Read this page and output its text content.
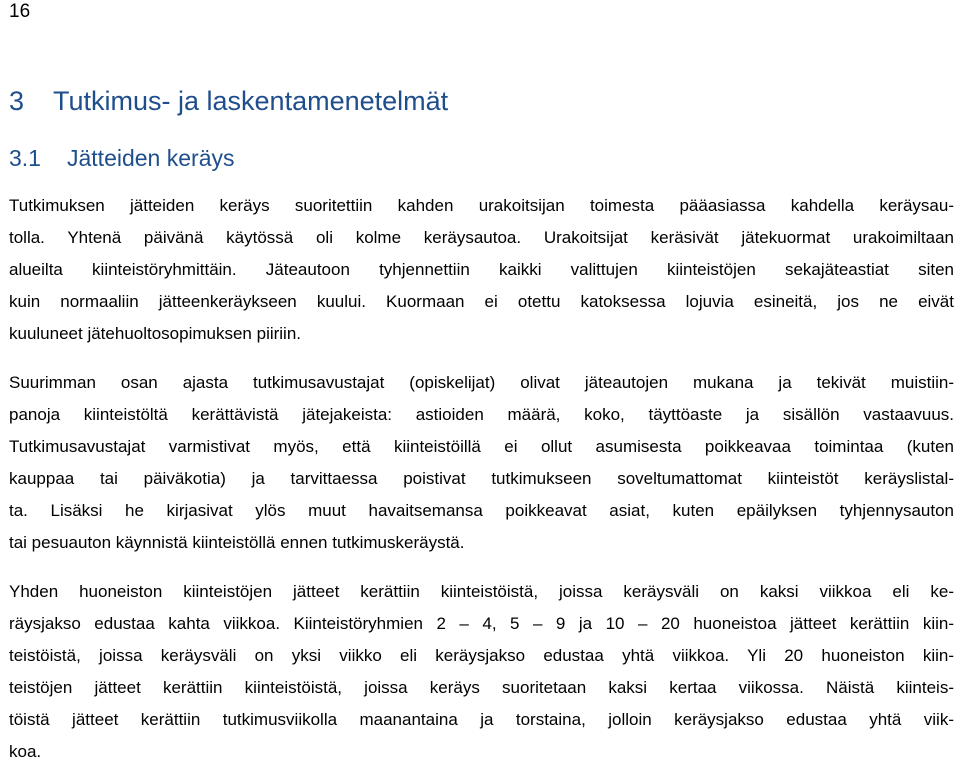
16
3 Tutkimus- ja laskentamenetelmät
3.1 Jätteiden keräys
Tutkimuksen jätteiden keräys suoritettiin kahden urakoitsijan toimesta pääasiassa kahdella keräysau-
tolla. Yhtenä päivänä käytössä oli kolme keräysautoa. Urakoitsijat keräsivät jätekuormat urakoimiltaan
alueilta kiinteistöryhmittäin. Jäteautoon tyhjennettiin kaikki valittujen kiinteistöjen sekajäteastiat siten
kuin normaaliin jätteenkeräykseen kuului. Kuormaan ei otettu katoksessa lojuvia esineitä, jos ne eivät
kuuluneet jätehuoltosopimuksen piiriin.
Suurimman osan ajasta tutkimusavustajat (opiskelijat) olivat jäteautojen mukana ja tekivät muistiin-
panoja kiinteistöltä kerättävistä jätejakeista: astioiden määrä, koko, täyttöaste ja sisällön vastaavuus.
Tutkimusavustajat varmistivat myös, että kiinteistöillä ei ollut asumisesta poikkeavaa toimintaa (kuten
kauppaa tai päiväkotia) ja tarvittaessa poistivat tutkimukseen soveltumattomat kiinteistöt keräyslistal-
ta. Lisäksi he kirjasivat ylös muut havaitsemansa poikkeavat asiat, kuten epäilyksen tyhjennysauton
tai pesuauton käynnistä kiinteistöllä ennen tutkimuskeräystä.
Yhden huoneiston kiinteistöjen jätteet kerättiin kiinteistöistä, joissa keräysväli on kaksi viikkoa eli ke-
räysjakso edustaa kahta viikkoa. Kiinteistöryhmien 2 – 4, 5 – 9 ja 10 – 20 huoneistoa jätteet kerättiin kiin-
teistöistä, joissa keräysväli on yksi viikko eli keräysjakso edustaa yhtä viikkoa. Yli 20 huoneiston kiin-
teistöjen jätteet kerättiin kiinteistöistä, joissa keräys suoritetaan kaksi kertaa viikossa. Näistä kiinteis-
töistä jätteet kerättiin tutkimusviikolla maanantaina ja torstaina, jolloin keräysjakso edustaa yhtä viik-
koa.
